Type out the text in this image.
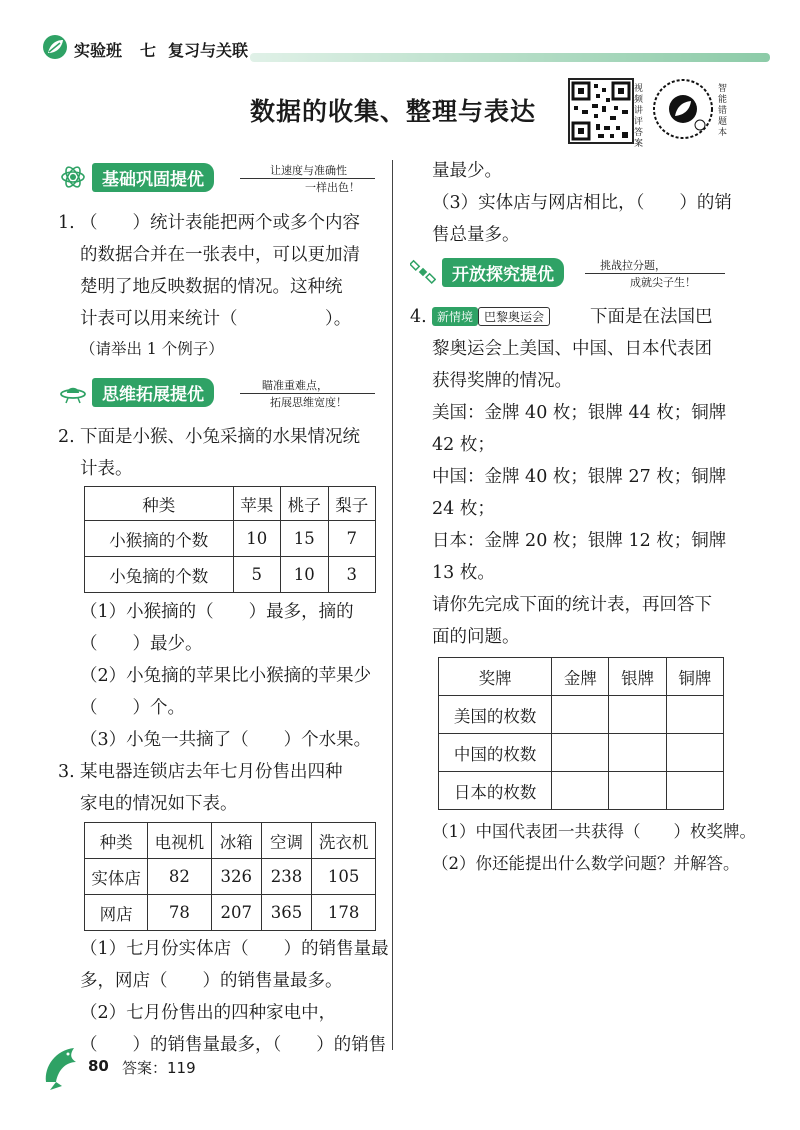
实验班 七 复习与关联
数据的收集、整理与表达
视频讲评答案
智能错题本
基础巩固提优	让速度与准确性
一样出色！
1. （　　）统计表能把两个或多个内容
的数据合并在一张表中，可以更加清
楚明了地反映数据的情况。这种统
计表可以用来统计（　　　　　）。
（请举出 1 个例子）
思维拓展提优	瞄准重难点，
拓展思维宽度！
2. 下面是小猴、小兔采摘的水果情况统
计表。
种类	苹果	桃子	梨子
小猴摘的个数	10	15	7
小兔摘的个数	5	10	3
（1）小猴摘的（　　）最多，摘的
（　　）最少。
（2）小兔摘的苹果比小猴摘的苹果少
（　　）个。
（3）小兔一共摘了（　　）个水果。
3. 某电器连锁店去年七月份售出四种
家电的情况如下表。
种类	电视机	冰箱	空调	洗衣机
实体店	82	326	238	105
网店	78	207	365	178
（1）七月份实体店（　　）的销售量最
多，网店（　　）的销售量最多。
（2）七月份售出的四种家电中，
（　　）的销售量最多，（　　）的销售
量最少。
（3）实体店与网店相比，（　　）的销
售总量多。
开放探究提优	挑战拉分题，
成就尖子生！
4. 新情境 巴黎奥运会	下面是在法国巴
黎奥运会上美国、中国、日本代表团
获得奖牌的情况。
美国：金牌 40 枚；银牌 44 枚；铜牌
42 枚；
中国：金牌 40 枚；银牌 27 枚；铜牌
24 枚；
日本：金牌 20 枚；银牌 12 枚；铜牌
13 枚。
请你先完成下面的统计表，再回答下
面的问题。
奖牌	金牌	银牌	铜牌
美国的枚数			
中国的枚数			
日本的枚数			
（1）中国代表团一共获得（　　）枚奖牌。
（2）你还能提出什么数学问题？并解答。
80 答案：119
